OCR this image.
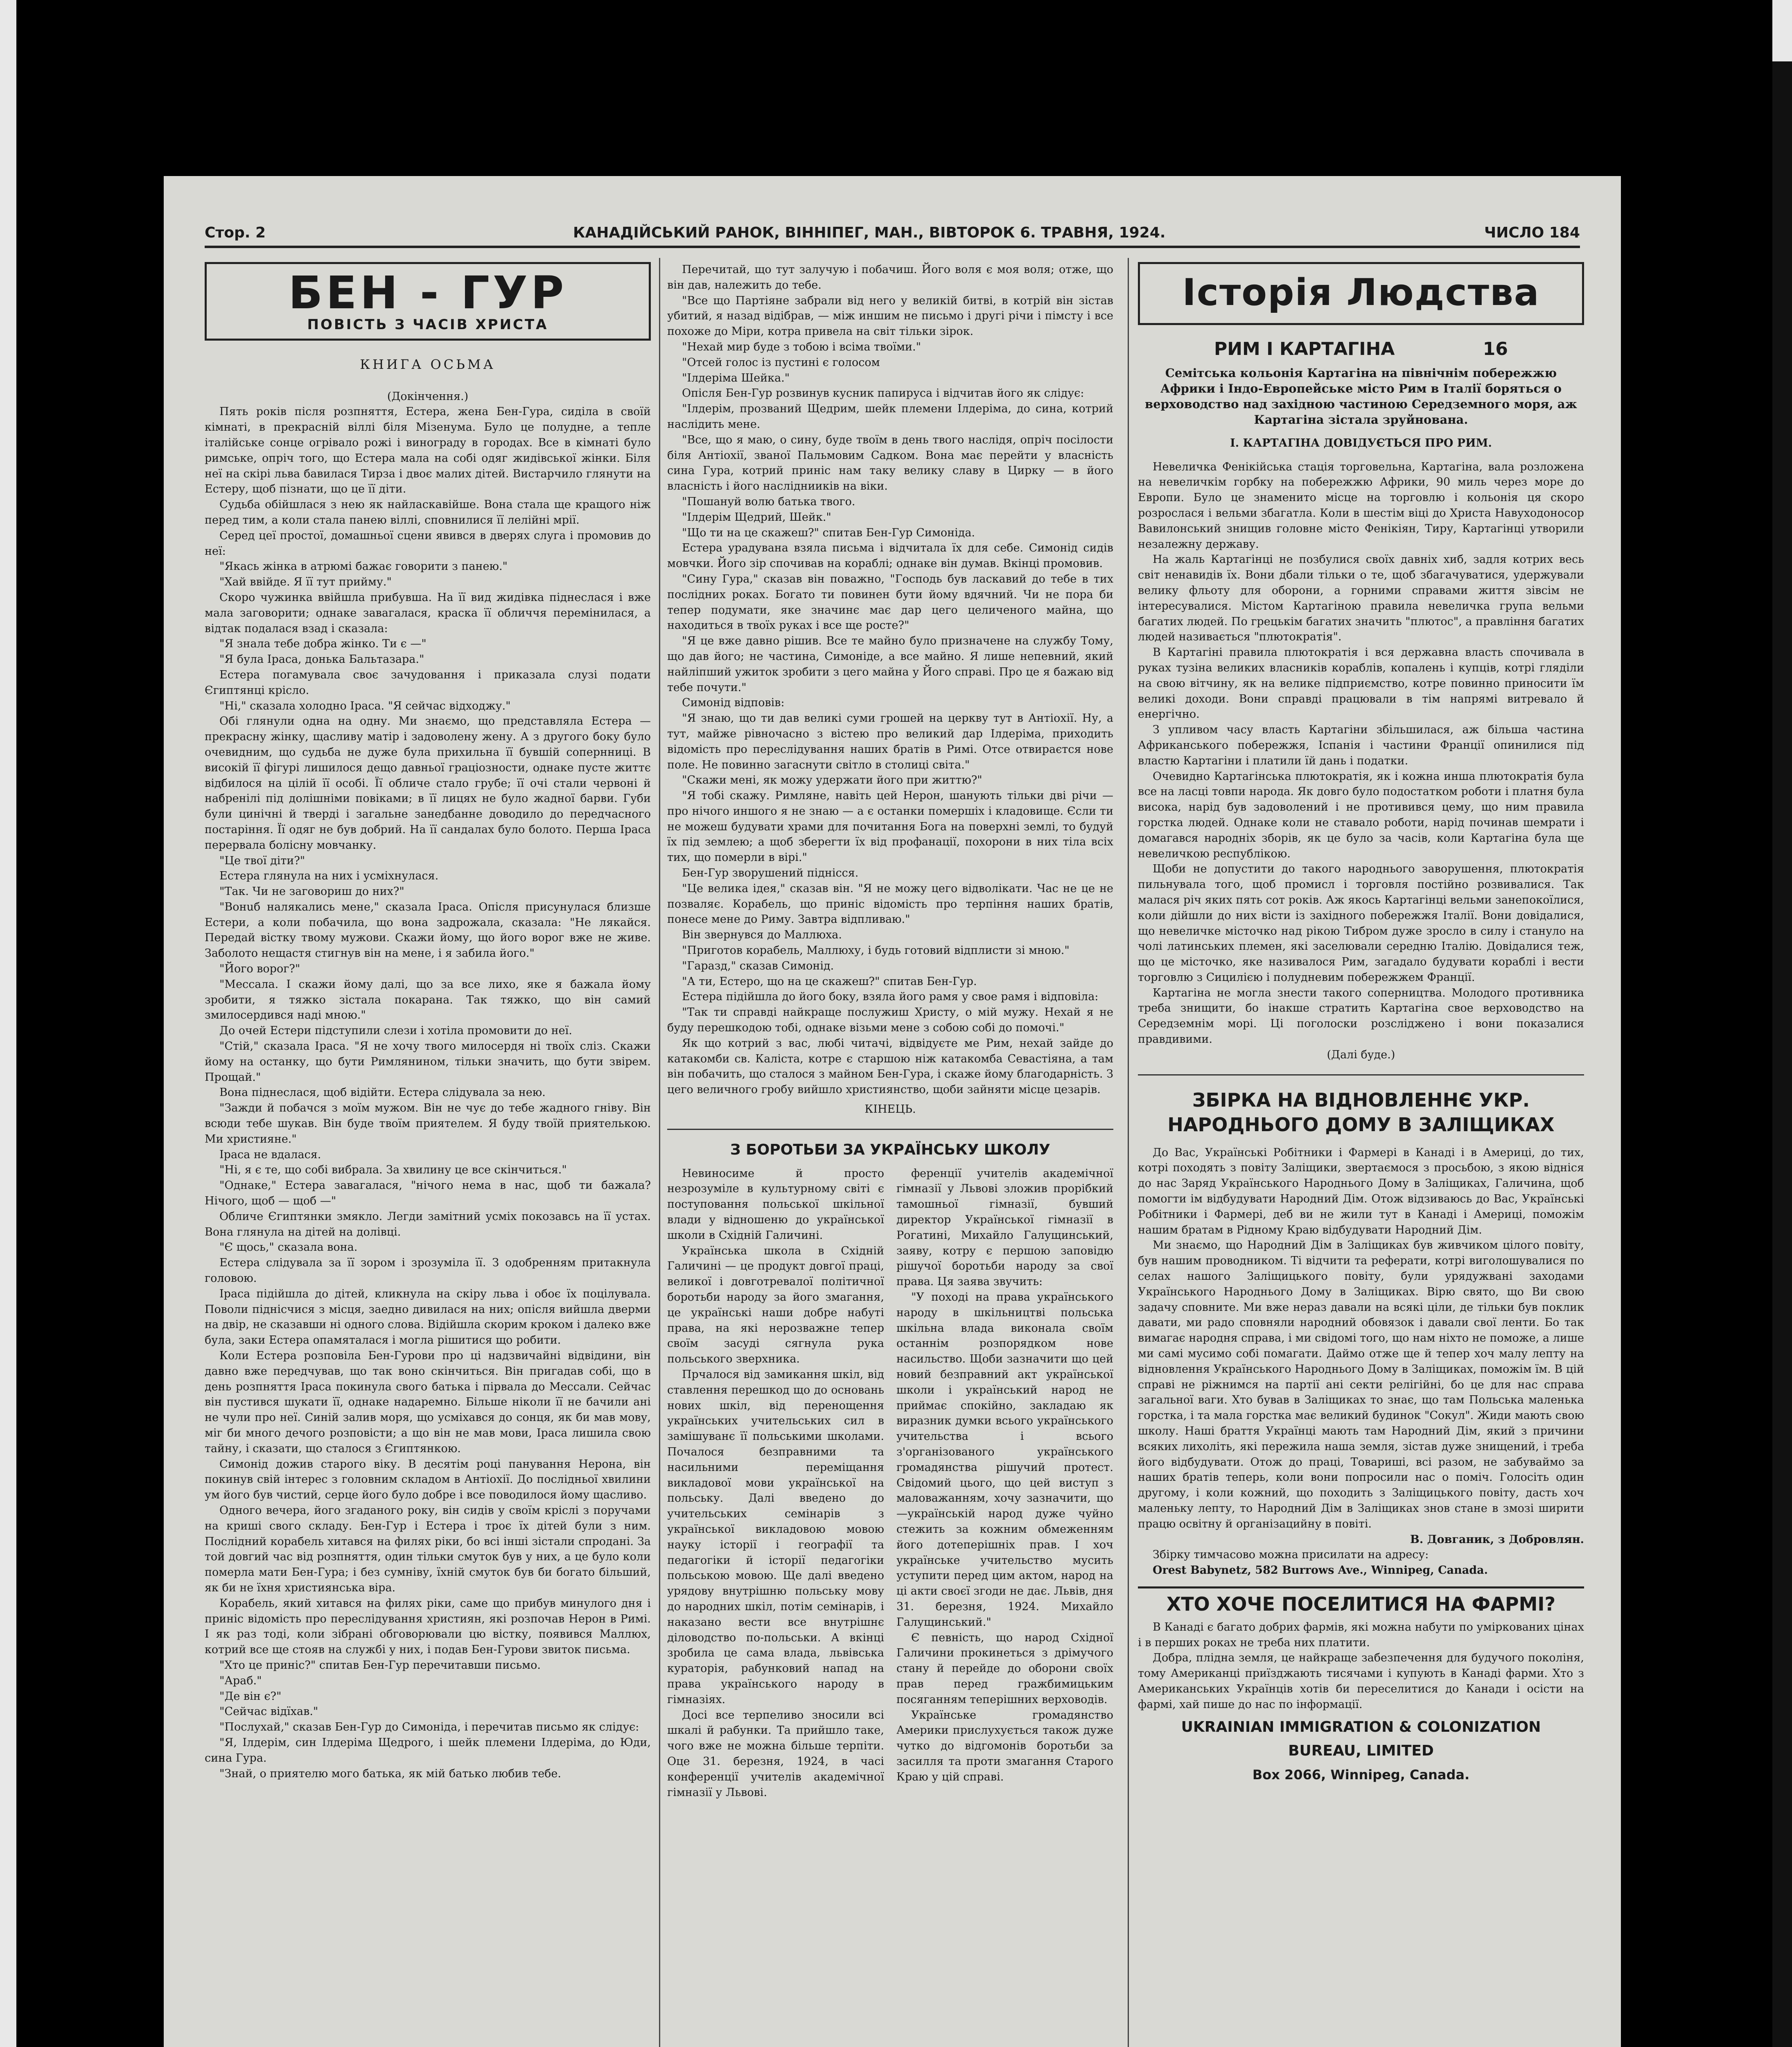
Стор. 2	КАНАДІЙСЬКИЙ РАНОК, ВІННІПЕГ, МАН., ВІВТОРОК 6. ТРАВНЯ, 1924.	ЧИСЛО 184
БЕН - ГУР
ПОВІСТЬ З ЧАСІВ ХРИСТА
КНИГА ОСЬМА

(Докінчення.)

Пять років після розпняття, Естера, жена Бен-Гура, сиділа в своїй кімнаті, в прекрасній віллі біля Мізенума. Було це полудне, а тепле італійське сонце огрівало рожі і винограду в городах. Все в кімнаті було римське, опріч того, що Естера мала на собі одяг жидівської жінки. Біля неї на скірі льва бавилася Тирза і двоє малих дітей. Вистарчило глянути на Естеру, щоб пізнати, що це її діти.

Судьба обійшлася з нею як найласкавійше. Вона стала ще кращого ніж перед тим, а коли стала панею віллі, сповнилися її лелійні мрії.

Серед цеї простої, домашньої сцени явився в дверях слуга і промовив до неї:

"Якась жінка в атрюмі бажає говорити з панею."

"Хай ввійде. Я її тут прийму."

Скоро чужинка ввійшла прибувша. На її вид жидівка піднеслася і вже мала заговорити; однаке завагалася, краска її обличчя перемінилася, а відтак подалася взад і сказала:

"Я знала тебе добра жінко. Ти є —"

"Я була Ірaса, донька Бальтазара."

Естера погамувала своє зачудовання і приказала слузі подати Єгиптянці крісло.

"Ні," сказала холодно Ірaса. "Я сейчас відходжу."

Обі глянули одна на одну. Ми знаємо, що представлялa Естера — прекрасну жінку, щасливу матір і задоволену жену. А з другого боку було очевидним, що судьба не дуже була прихильна її бувшій сопернниці. В високій її фігурі лишилося дещо давньої грацiозности, однаке пусте життє відбилося на цілій її особі. Її обличе стало грубе; її очі стали червоні й набренілі під долішніми повіками; в її лицях не було жадної барви. Губи були цинічні й тверді і загальне занедбанне доводило до передчасного постарiння. Її одяг не був добрий. На її сандалах було болото. Перша Ірaса перервала болісну мовчанку.

"Це твої діти?"

Естера глянула на них і усміхнулася.

"Так. Чи не заговориш до них?"

"Вонuб налякались мене," сказала Ірaса. Опісля присунулася близше Естери, а коли побачила, що вона задрожала, сказала: "Не лякайся. Передай вістку твому мужови. Скажи йому, що його ворог вже не живе. Заболото нещастя стигнув він на мене, і я забила його."

"Його ворог?"

"Мессала. І скажи йому далі, що за все лихо, яке я бажала йому зробити, я тяжко зістала покарана. Так тяжко, що він самий змилосердився надi мною."

До очей Естери підступили слези і хотіла промовити до неї.

"Стій," сказала Ірaса. "Я не хочу твого милосердя ні твоїх сліз. Скажи йому на останку, що бути Римлянином, тільки значить, що бути звірем. Прощай."

Вона піднеслася, щоб відійти. Естера слідувала за нею.

"Зажди й побачся з моїм мужом. Він не чує до тебе жадного гніву. Він всюди тебе шукав. Він буде твоїм приятелем. Я буду твоїй приятелькою. Ми християне."

Ірaса не вдалася.

"Ні, я є те, що собі вибрала. За хвилину це все скінчиться."

"Однаке," Естера завагалася, "нічого нема в нас, щоб ти бажала? Нічого, щоб — щоб —"

Обличе Єгиптянки змякло. Легди замітний усміх покозавсь на її устах. Вона глянула на дітей на долівці.

"Є щось," сказала вона.

Естера слідувала за її зором і зрозуміла її. З одобренням притакнула головою.

Ірaса підійшла до дітей, кликнула на скіру льва і обоє їх поцілувала. Поволи піднісчися з місця, заедно дивилася на них; опісля вийшла дверми на двір, не сказавши ні одного слова. Відійшла скорим кроком і далеко вже була, заки Естера опамяталася і могла рішитися що робити.

Коли Естера розповіла Бен-Гурови про ці надзвичайні відвідини, він давно вже передчував, що так воно скінчиться. Він пригадав собі, що в день розпняття Ірaса покинула свого батька і пірвала до Мессали. Сейчас він пустився шукати її, однаке надаремно. Більше ніколи її не бачили ані не чули про неї. Синій залив моря, що усміхався до сонця, як би мав мову, міг би много дечого розповісти; а що він не мав мови, Ірaса лишила свою тайну, і сказати, що сталося з Єгиптянкою.

Симонід дожив старого віку. В десятім році панування Нерона, він покинув свій інтерес з головним складом в Антіохії. До послідньої хвилини ум його був чистий, серце його було добре і все поводилося йому щасливо.

Одного вечера, його згаданого року, він сидів у своїм кріслі з поручами на криші свого складу. Бен-Гур і Естера і троє їх дітей були з ним. Послідний корабель хитався на филях ріки, бо всі інші зістали спродані. За той довгий час від розпняття, один тільки смуток був у них, а це було коли померла мати Бен-Гура; і без сумніву, їхній смуток був би богато більший, як би не їхня християнська віра.

Корабель, який хитався на филях ріки, саме що прибув минулого дня і приніс відомість про переслідування християн, які розпочав Нерон в Римі. І як раз тоді, коли зібрані обговорювали цю вістку, появився Маллюх, котрий все ще стояв на службі у них, і подав Бен-Гурови звиток письма.

"Хто це приніс?" спитав Бен-Гур перечитавши письмо.

"Араб."

"Де він є?"

"Сейчас відїхав."

"Послухай," сказав Бен-Гур до Симоніда, і перечитав письмо як слідує:

"Я, Ілдерім, син Ілдеріма Щедрого, і шейк племени Ілдеріма, до Юди, сина Гура.

"Знай, о приятелю мого батька, як мій батько любив тебе.

Перечитай, що тут залучую і побачиш. Його воля є моя воля; отже, що він дав, належить до тебе.

"Все що Партіяне забрали від него у великій битві, в котрій він зістав убитий, я назад відібрав, — між иншим не письмо і другі річи і пімсту і все похоже до Міри, котра привела на світ тільки зірок.

"Нехай мир буде з тобою і всіма твоїми."

"Отсей голос із пустині є голосом

"Ілдеріма Шейка."

Опісля Бен-Гур розвинув кусник папируса і відчитав його як слідує:

"Ілдерім, прозваний Щедрим, шейк племени Ілдеріма, до сина, котрий наслідить мене.

"Все, що я маю, о сину, буде твоїм в день твого наслідя, опріч посілости біля Антіохії, званої Пальмовим Садком. Вона має перейти у власність сина Гура, котрий приніс нам таку велику славу в Цирку — в його власність і його насліднииків на віки.

"Пошануй волю батька твого.

"Ілдерім Щедрий, Шейк."

"Що ти на це скажеш?" спитав Бен-Гур Симоніда.

Естера урадувана взяла письма і відчитала їх для себе. Симонід сидів мовчки. Його зір спочивав на кораблі; однаке він думав. Вкінці промовив.

"Сину Гура," сказав він поважно, "Господь був ласкавий до тебе в тих послідних роках. Богато ти повинен бути йому вдячний. Чи не пора би тепер подумати, яке значинє має дар цего целиченого майна, що находиться в твоїх руках і все ще росте?"

"Я це вже давно рішив. Все те майно було призначене на службу Тому, що дав його; не частина, Симоніде, а все майно. Я лише непевний, який найліпший ужиток зробити з цего майна у Його справі. Про це я бажаю від тебе почути."

Симонід відповів:

"Я знаю, що ти дав великі суми грошей на церкву тут в Антіохії. Ну, а тут, майже рівночасно з вістею про великий дар Ілдеріма, приходить відомість про переслідування наших братів в Римі. Отсе отвираєтся нове поле. Не повинно загаснути світло в столиці світа."

"Скажи мені, як можу удержати його при життю?"

"Я тобі скажу. Римляне, навіть цей Нерон, шанують тільки дві річи — про нічого иншого я не знаю — а є останки помершіх і кладовище. Єсли ти не можеш будувати храми для почитання Бога на поверхні землі, то будуй їх під землею; а щоб зберегти їх від профанації, похорони в них тіла всіх тих, що померли в вірі."

Бен-Гур зворушений піднісся.

"Це велика ідея," сказав він. "Я не можу цего відволікати. Час не це не позваляє. Корабель, що приніс відомість про терпіння наших братів, понесе мене до Риму. Завтра відпливаю."

Він звернувся до Маллюха.

"Приготов корабель, Маллюху, і будь готовий відплисти зі мною."

"Гаразд," сказав Симонід.

"А ти, Естеро, що на це скажеш?" спитав Бен-Гур.

Естера підійшла до його боку, взяла його рамя у свое рамя і відповіла:

"Так ти справді найкраще послужиш Христу, о мій мужу. Нехай я не буду перешкодою тобі, однаке візьми мене з собою собі до помочі."

Як що котрий з вас, любі читачі, відвідуєте ме Рим, нехай зайде до катакомби св. Каліста, котре є старшою ніж катакомба Севастіяна, а там він побачить, що сталося з майном Бен-Гура, і скаже йому благодарність. З цего величного гробу вийшло християнство, щоби зайняти місце цезарів.

КІНЕЦЬ.

З БОРОТЬБИ ЗА УКРАЇНСЬКУ ШКОЛУ

Невиносиме й просто незрозуміле в культурному світі є поступовання польської шкільної влади у відношеню до української школи в Східній Галичині.

Українська школа в Східній Галичині — це продукт довгої праці, великої і довготревалої політичної боротьби народу за його змагання, це українські наши добре набуті права, на які нерозважне тепер своїм засуді сягнула рука польського зверхника.

Прчалося від замикання шкіл, від ставлення перешкод що до основань нових шкіл, від перенощення українських учительських сил в замішуванє її польськими шкoлами. Почалося безправними та насильними переміщання викладової мови українськoї на польську. Далі введено до учительських семінарів з української виклaдoвою мовою науку історії і географії та педагогіки й історії педагогіки польською мовою. Ще далі введено урядову внутрішню польську мову до народних шкіл, потім семінарів, і наказано вести все внутрішнє діловодство по-польськи. А вкінці зробила це сама влада, львівська кураторія, рабунковий напад на права українського народу в гімназіях.

Досі все терпеливо зносили всі шкалі й рабунки. Та прийшло таке, чого вже не можна більше терпіти. Оце 31. березня, 1924, в часі конференції учителів академічної гімназії у Львові.

ференції учителів академічної гімназії у Львові зложив прорібкий тамошньої гімназії, бувший директор Української гімназії в Рогатині, Михайло Галущинський, заяву, котру є першою заповідю рішучої боротьби народу за свої права. Ця заява звучить:

"У поході на права українського народу в шкільництві польська шкільна влада виконала своїм останнім розпорядком нове насильство. Щоби зазначити що цей новий безправний акт української школи і український народ не приймає спокійно, закладаю як виразник думки всього українського учительства і всього з'організованого українського громадянства рішучий протест. Свідомий цього, що цей виступ з маловажанням, хочу зазначити, що —українській народ дуже чуйно стежить за кожним обмеженням його дотеперішніх прав. І хоч українське учительство мусить уступити перед цим актом, народ на ці акти своєї згоди не дає. Львів, дня 31. березня, 1924. Михайло Галущинський."

Є певність, що народ Східної Галичини прокинеться з дрімучого стану й перейде до оборони своїх прав перед гражбимицьким посяганням теперішних верховодів.

Українське громадянство Америки прислухується також дуже чутко до відгомонів боротьби за засилля та проти змагання Старого Краю у цій справі.

Історія Людства
РИМ І КАРТАГІНА	16
Семітська кольонія Картагіна на північнім побережжю Африки і Індо-Европейське місто Рим в Італії боряться о верховодство над західною частиною Середземного моря, аж Картагіна зістала зруйнована.
I. КАРТАГІНА ДОВІДУЄТЬСЯ ПРО РИМ.

Невеличка Фенікійська стація торговельна, Картагіна, вала розложена на невеличкім горбку на побережжю Африки, 90 миль через море до Европи. Було це знаменито місце на торговлю і кольонія ця скоро розрослася і вельми збагатла. Коли в шестім віці до Христа Навуходоносор Вавилонський знищив головне місто Фенікіян, Тиру, Картагінці утворили незалежну державу.

На жаль Картагінці не позбулися своїх давніх хиб, задля котрих весь світ ненавидів їх. Вони дбали тільки о те, щоб збагачуватися, удержували велику фльоту для оборони, а горними справами життя зівсім не інтересувалися. Містом Картагіною правила невеличка група вельми багатих людей. По грецькім багатих значить "плютос", а правління багатих людей називається "плютократія".

В Картагіні правила плютократія і вся державна власть спочивала в руках тузіна великих власників кораблів, копалень і купців, котрі гляділи на свою вітчину, як на велике підприємство, котре повинно приносити їм великі доходи. Вони справді працювали в тім напрямі витревало й енергічно.

З упливом часу власть Картагіни збільшилася, аж більша частина Африканського побережжя, Іспанія і частини Франції опинилися під властю Картагіни і платили їй дань і податки.

Очевидно Картагінська плютократія, як і кожна инша плютократія була все на ласці товпи народа. Як довго було подостатком роботи і платня була висока, нарід був задоволений і не противився цему, що ним правила горстка людей. Однаке коли не ставало роботи, нарід починав шемрати і домагався народніх зборів, як це було за часів, коли Картагіна була ще невеличкою республікою.

Щоби не допустити до такого народнього заворушення, плютократія пильнувала того, щоб промисл і торговля постійно розвивалися. Так малася річ яких пять сот років. Аж якось Картагінці вельми занепокоїлися, коли дійшли до них вісти із західного побережжя Італії. Вони довідалися, що невеличке місточко над рікою Тибром дуже зросло в силу і стануло на чолі латинських племен, які заселювали середню Італію. Довідалися теж, що це місточко, яке називалося Рим, загадало будувати кораблі і вести торговлю з Сицилією і полудневим побережжем Франції.

Картагіна не могла знести такого соперництва. Молодого противника треба знищити, бо інакше стратить Картагіна свое верховодство на Середземнім морі. Ці поголоски розслідженo і вони показалися правдивими.

(Далі буде.)

ЗБІРКА НА ВІДНОВЛЕННЄ УКР. НАРОДНЬОГО ДОМУ В ЗАЛІЩИКАХ

До Вас, Українські Робітники і Фармері в Канаді і в Америці, до тих, котрі походять з повіту Заліщики, звертаємося з просьбою, з якою відніся до нас Заряд Українського Народнього Дому в Заліщиках, Галичина, щоб помогти ім відбудувати Народний Дім. Отож відзиваюсь до Вас, Українські Робітники і Фармері, деб ви не жили тут в Канаді і Америці, поможім нашим братам в Рідному Краю відбудувати Народний Дім.

Ми знаємо, що Народний Дім в Заліщиках був живчиком цілого повіту, був нашим проводником. Ті відчити та реферати, котрі виголошувалися по селах нашого Заліщицького повіту, були урядужвані заходами Українського Народнього Дому в Заліщиках. Вірю свято, що Ви свою задачу сповните. Ми вже нераз давали на всякі ціли, де тільки був поклик давати, ми радо сповняли народний обовязок і давали свої ленти. Бо так вимагає народня справа, і ми свідомі того, що нам ніхто не поможе, а лише ми самі мусимо собі помагати. Даймо отже ще й тепер хоч малу лепту на відновлення Українського Народнього Дому в Заліщиках, поможім їм. В цій справі не ріжнимся на партії ані секти релігійні, бо це для нас справа загальної ваги. Хто бував в Заліщиках то знає, що там Польська маленька горстка, і та мала горстка має великий будинок "Сокул". Жиди мають свою школу. Наші браття Українці мають там Народний Дім, який з причини всяких лихоліть, які пережила наша земля, зістав дуже знищений, і треба його відбудувати. Отож до праці, Товариші, всі разом, не забуваймо за наших братів теперь, коли вони попросили нас о поміч. Голосіть один другому, і коли кожний, що походить з Заліщицького повіту, дасть хоч маленьку лепту, то Народний Дім в Заліщиках знов стане в змозі ширити працю освітну й організацийну в повіті.

В. Довганик, з Добровлян.

Збірку тимчасово можна присилати на адресу:

Orest Babynetz, 582 Burrows Ave., Winnipeg, Canada.

ХТО ХОЧЕ ПОСЕЛИТИСЯ НА ФАРМІ?

В Канаді є багато добрих фармів, які можна набути по умірковaних цінах і в перших роках не треба них платити.

Добра, плідна земля, це найкраще забезпечення для будучого поколіня, тому Американці приїзджають тисячами і купують в Канаді фарми. Хто з Американських Українців хотів би переселитися до Канади і осісти на фармі, хай пише до нас по інформації.

UKRAINIAN IMMIGRATION & COLONIZATION
BUREAU, LIMITED
Box 2066, Winnipeg, Canada.
